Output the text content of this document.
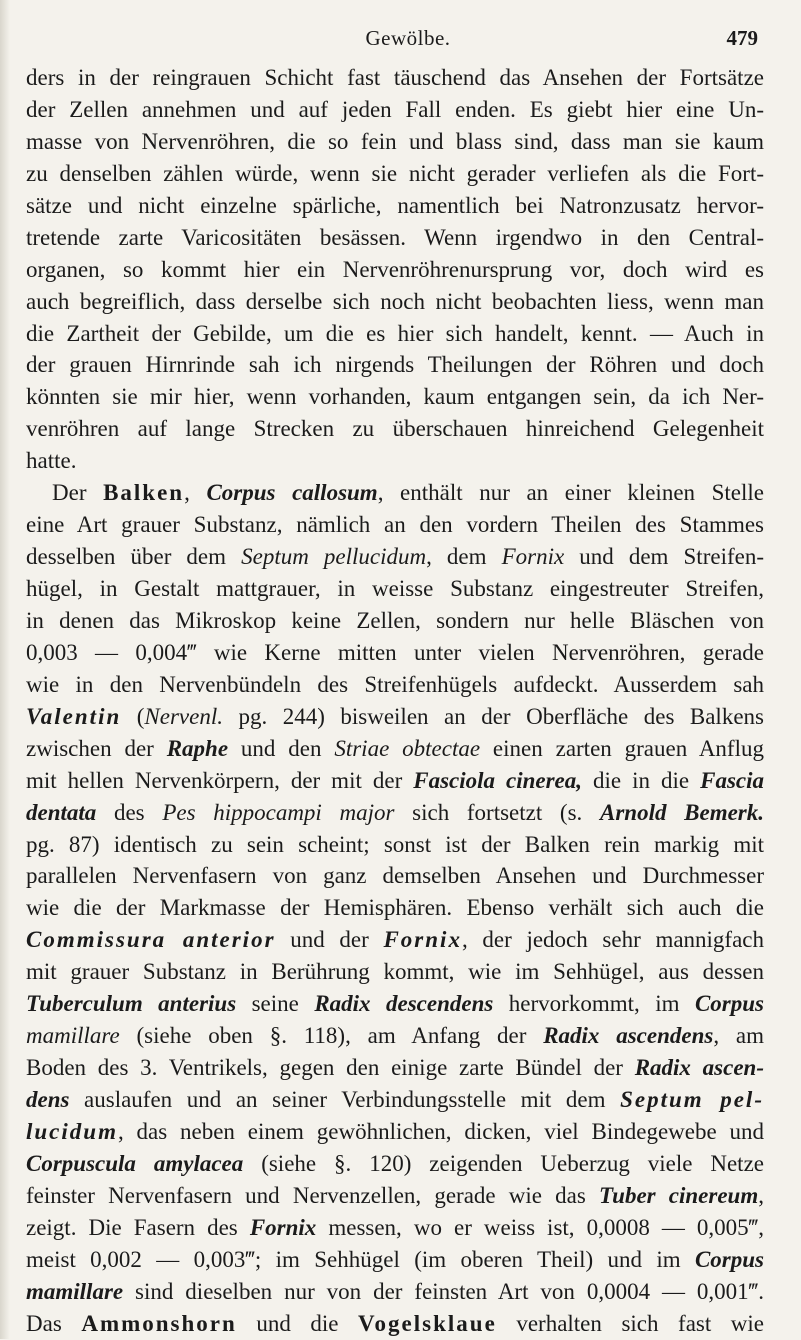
Gewölbe.	479
ders in der reingrauen Schicht fast täuschend das Ansehen der Fortsätze
der Zellen annehmen und auf jeden Fall enden. Es giebt hier eine Un-
masse von Nervenröhren, die so fein und blass sind, dass man sie kaum
zu denselben zählen würde, wenn sie nicht gerader verliefen als die Fort-
sätze und nicht einzelne spärliche, namentlich bei Natronzusatz hervor-
tretende zarte Varicositäten besässen. Wenn irgendwo in den Central-
organen, so kommt hier ein Nervenröhrenursprung vor, doch wird es
auch begreiflich, dass derselbe sich noch nicht beobachten liess, wenn man
die Zartheit der Gebilde, um die es hier sich handelt, kennt. — Auch in
der grauen Hirnrinde sah ich nirgends Theilungen der Röhren und doch
könnten sie mir hier, wenn vorhanden, kaum entgangen sein, da ich Ner-
venröhren auf lange Strecken zu überschauen hinreichend Gelegenheit
hatte.
Der Balken, Corpus callosum, enthält nur an einer kleinen Stelle
eine Art grauer Substanz, nämlich an den vordern Theilen des Stammes
desselben über dem Septum pellucidum, dem Fornix und dem Streifen-
hügel, in Gestalt mattgrauer, in weisse Substanz eingestreuter Streifen,
in denen das Mikroskop keine Zellen, sondern nur helle Bläschen von
0,003 — 0,004‴ wie Kerne mitten unter vielen Nervenröhren, gerade
wie in den Nervenbündeln des Streifenhügels aufdeckt. Ausserdem sah
Valentin (Nervenl. pg. 244) bisweilen an der Oberfläche des Balkens
zwischen der Raphe und den Striae obtectae einen zarten grauen Anflug
mit hellen Nervenkörpern, der mit der Fasciola cinerea, die in die Fascia
dentata des Pes hippocampi major sich fortsetzt (s. Arnold Bemerk.
pg. 87) identisch zu sein scheint; sonst ist der Balken rein markig mit
parallelen Nervenfasern von ganz demselben Ansehen und Durchmesser
wie die der Markmasse der Hemisphären. Ebenso verhält sich auch die
Commissura anterior und der Fornix, der jedoch sehr mannigfach
mit grauer Substanz in Berührung kommt, wie im Sehhügel, aus dessen
Tuberculum anterius seine Radix descendens hervorkommt, im Corpus
mamillare (siehe oben §. 118), am Anfang der Radix ascendens, am
Boden des 3. Ventrikels, gegen den einige zarte Bündel der Radix ascen-
dens auslaufen und an seiner Verbindungsstelle mit dem Septum pel-
lucidum, das neben einem gewöhnlichen, dicken, viel Bindegewebe und
Corpuscula amylacea (siehe §. 120) zeigenden Ueberzug viele Netze
feinster Nervenfasern und Nervenzellen, gerade wie das Tuber cinereum,
zeigt. Die Fasern des Fornix messen, wo er weiss ist, 0,0008 — 0,005‴,
meist 0,002 — 0,003‴; im Sehhügel (im oberen Theil) und im Corpus
mamillare sind dieselben nur von der feinsten Art von 0,0004 — 0,001‴.
Das Ammonshorn und die Vogelsklaue verhalten sich fast wie
